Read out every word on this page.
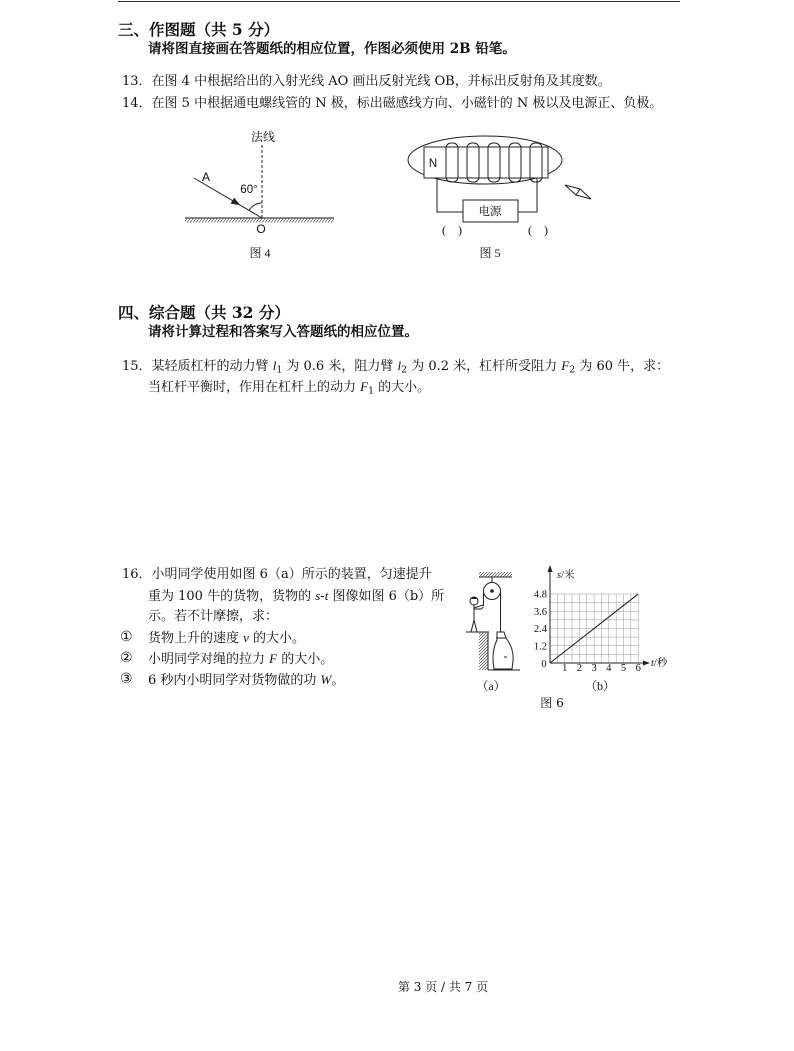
三、作图题（共 5 分）
请将图直接画在答题纸的相应位置，作图必须使用 2B 铅笔。
13．在图 4 中根据给出的入射光线 AO 画出反射光线 OB，并标出反射角及其度数。
14．在图 5 中根据通电螺线管的 N 极，标出磁感线方向、小磁针的 N 极以及电源正、负极。
法线
A
60°
O
图 4
N
电源
(　)	(　)
图 5
四、综合题（共 32 分）
请将计算过程和答案写入答题纸的相应位置。
15．某轻质杠杆的动力臂 $l_1$ 为 0.6 米，阻力臂 $l_2$ 为 0.2 米，杠杆所受阻力 $F_2$ 为 60 牛，求：
当杠杆平衡时，作用在杠杆上的动力 $F_1$ 的大小。
16．小明同学使用如图 6（a）所示的装置，匀速提升
重为 100 牛的货物，货物的 s-t 图像如图 6（b）所
示。若不计摩擦，求：
① 货物上升的速度 v 的大小。
② 小明同学对绳的拉力 F 的大小。
③ 6 秒内小明同学对货物做的功 W。	（a）
s/米
t/秒
0
1.2
2.4
3.6
4.8
1 2 3 4 5 6
（b）
图 6
第 3 页 / 共 7 页
